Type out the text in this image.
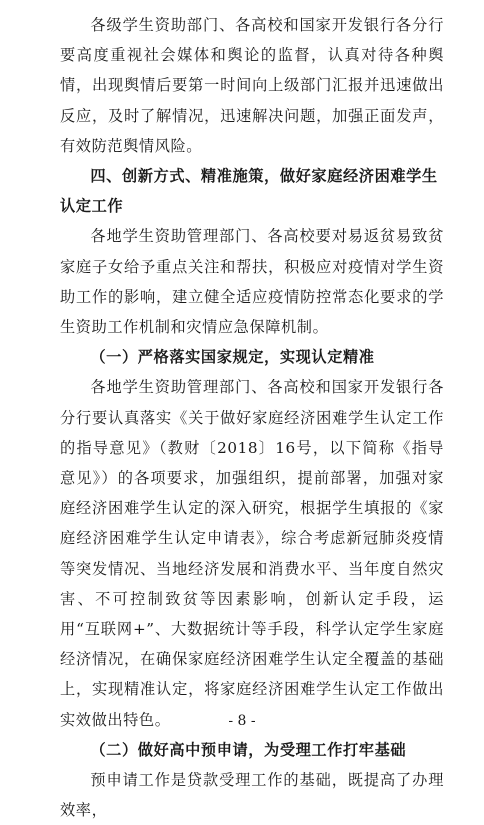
各级学生资助部门、各高校和国家开发银行各分行要高度重视社会媒体和舆论的监督，认真对待各种舆情，出现舆情后要第一时间向上级部门汇报并迅速做出反应，及时了解情况，迅速解决问题，加强正面发声，有效防范舆情风险。

四、创新方式、精准施策，做好家庭经济困难学生认定工作

各地学生资助管理部门、各高校要对易返贫易致贫家庭子女给予重点关注和帮扶，积极应对疫情对学生资助工作的影响，建立健全适应疫情防控常态化要求的学生资助工作机制和灾情应急保障机制。

（一）严格落实国家规定，实现认定精准

各地学生资助管理部门、各高校和国家开发银行各分行要认真落实《关于做好家庭经济困难学生认定工作的指导意见》（教财〔2018〕16号，以下简称《指导意见》）的各项要求，加强组织，提前部署，加强对家庭经济困难学生认定的深入研究，根据学生填报的《家庭经济困难学生认定申请表》，综合考虑新冠肺炎疫情等突发情况、当地经济发展和消费水平、当年度自然灾害、不可控制致贫等因素影响，创新认定手段，运用“互联网+”、大数据统计等手段，科学认定学生家庭经济情况，在确保家庭经济困难学生认定全覆盖的基础上，实现精准认定，将家庭经济困难学生认定工作做出实效做出特色。

（二）做好高中预申请，为受理工作打牢基础

预申请工作是贷款受理工作的基础，既提高了办理效率，

- 8 -
